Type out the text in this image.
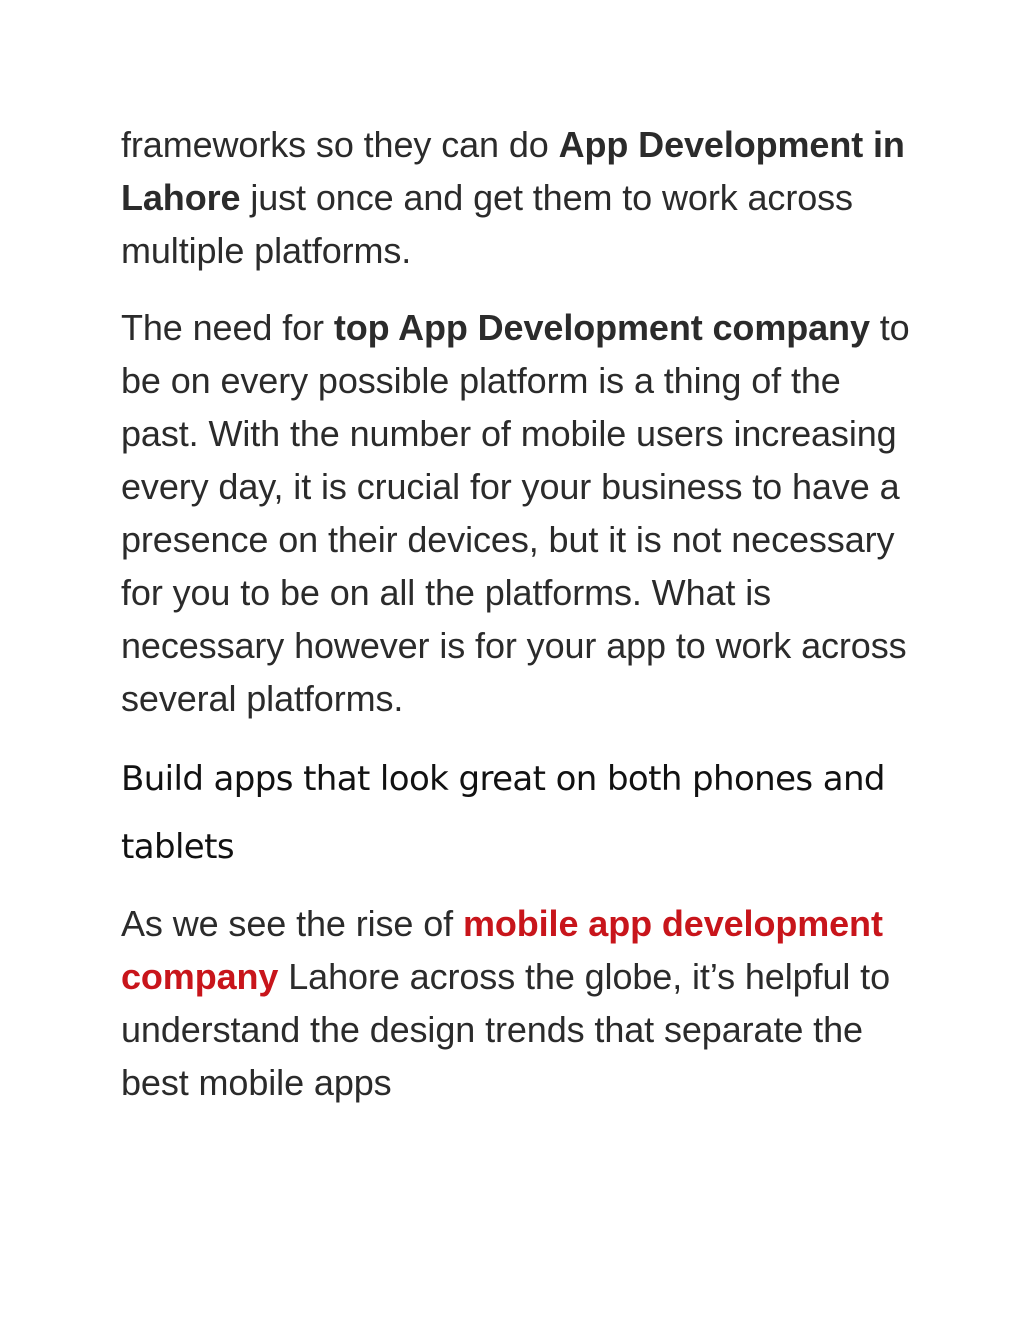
frameworks so they can do App Development in Lahore just once and get them to work across multiple platforms.

The need for top App Development company to be on every possible platform is a thing of the past. With the number of mobile users increasing every day, it is crucial for your business to have a presence on their devices, but it is not necessary for you to be on all the platforms. What is necessary however is for your app to work across several platforms.

Build apps that look great on both phones and tablets

As we see the rise of mobile app development company Lahore across the globe, it’s helpful to understand the design trends that separate the best mobile apps
